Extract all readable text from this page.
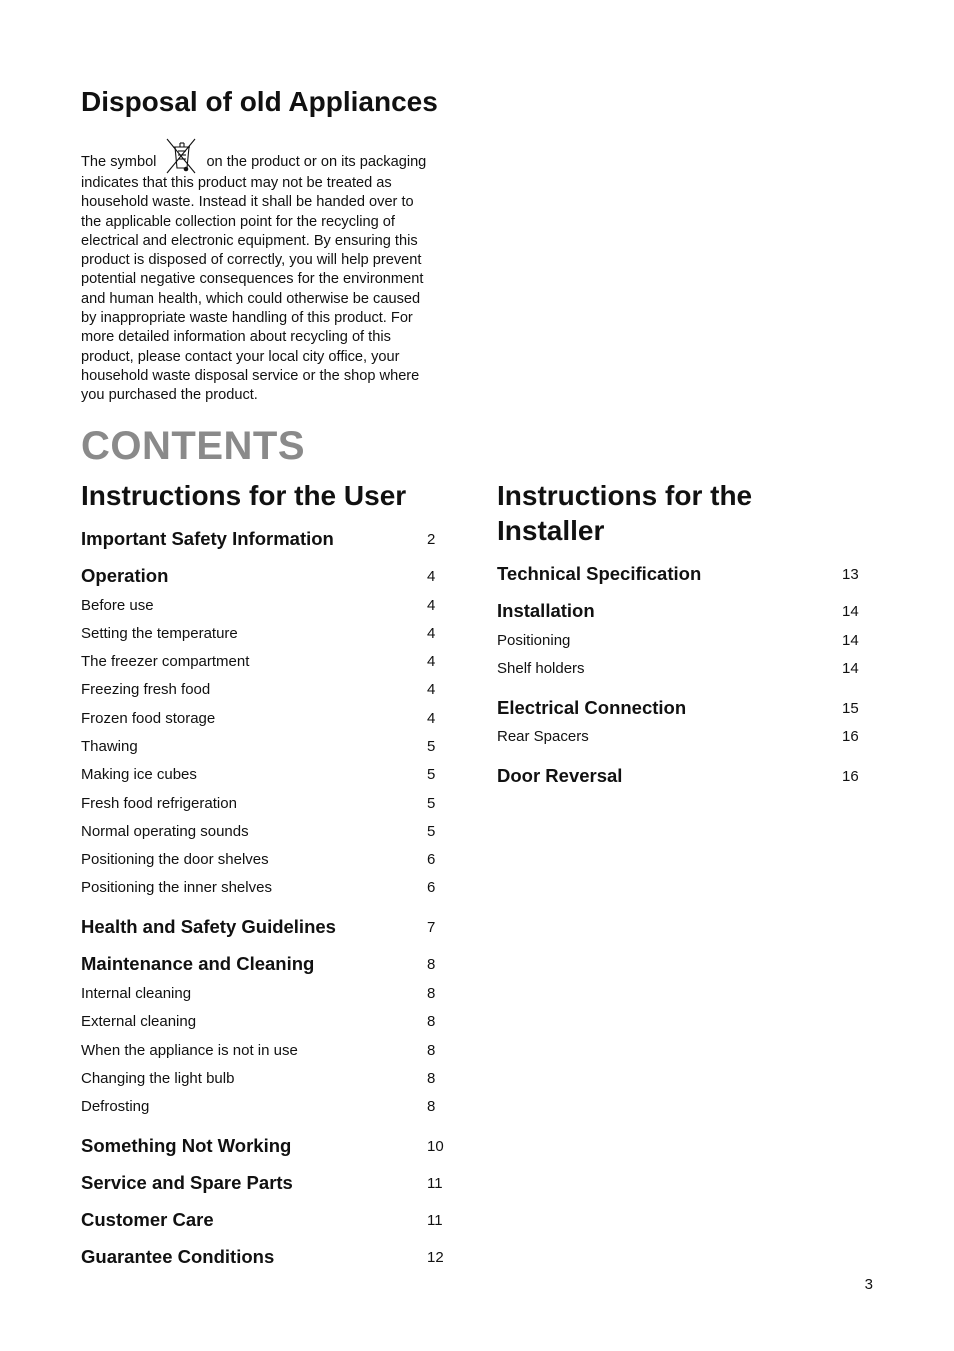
Disposal of old Appliances
The symbol	on the product or on its packaging
indicates that this product may not be treated as
household waste. Instead it shall be handed over to
the applicable collection point for the recycling of
electrical and electronic equipment. By ensuring this
product is disposed of correctly, you will help prevent
potential negative consequences for the environment
and human health, which could otherwise be caused
by inappropriate waste handling of this product. For
more detailed information about recycling of this
product, please contact your local city office, your
household waste disposal service or the shop where
you purchased the product.
CONTENTS
Instructions for the User
Important Safety Information	2
Operation	4
Before use	4
Setting the temperature	4
The freezer compartment	4
Freezing fresh food	4
Frozen food storage	4
Thawing	5
Making ice cubes	5
Fresh food refrigeration	5
Normal operating sounds	5
Positioning the door shelves	6
Positioning the inner shelves	6
Health and Safety Guidelines	7
Maintenance and Cleaning	8
Internal cleaning	8
External cleaning	8
When the appliance is not in use	8
Changing the light bulb	8
Defrosting	8
Something Not Working	10
Service and Spare Parts	11
Customer Care	11
Guarantee Conditions	12
Instructions for the
Installer
Technical Specification	13
Installation	14
Positioning	14
Shelf holders	14
Electrical Connection	15
Rear Spacers	16
Door Reversal	16
3
